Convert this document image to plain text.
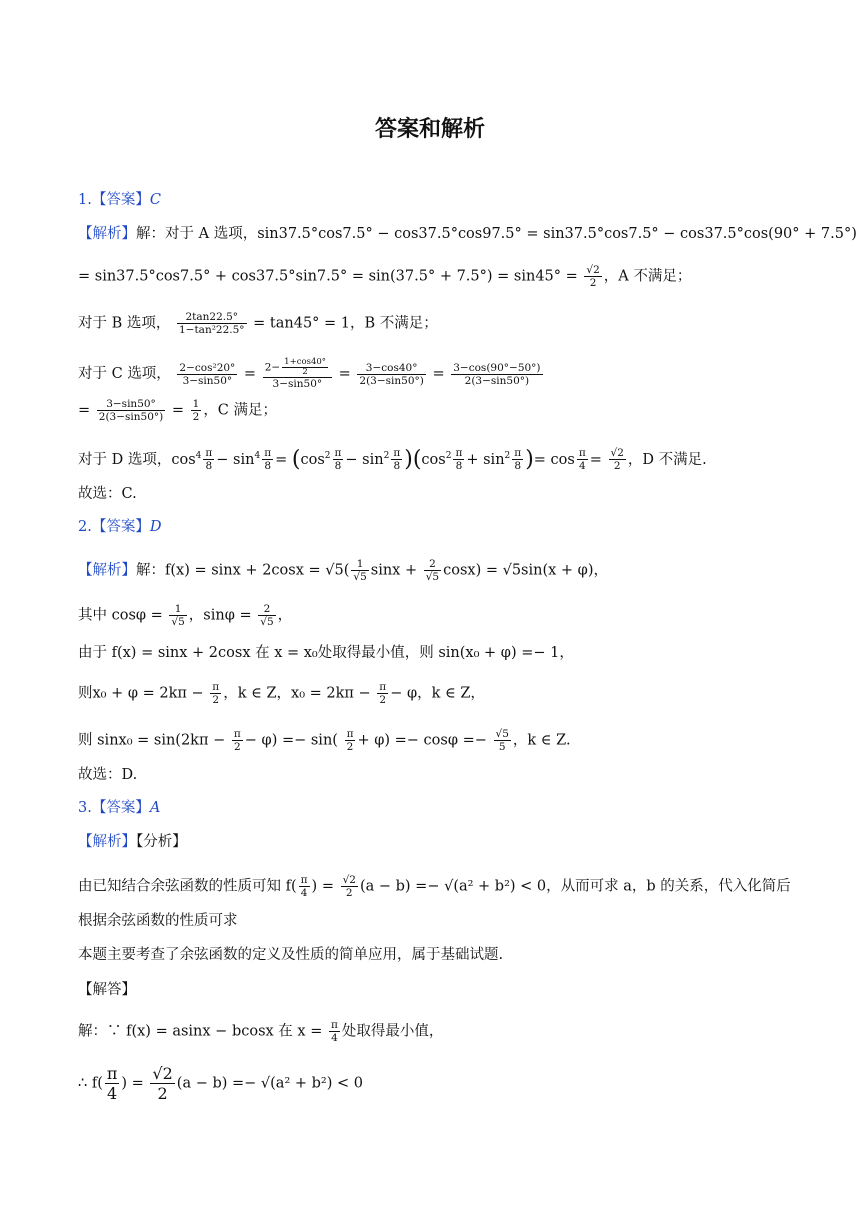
答案和解析
1.【答案】C
【解析】解：对于 A 选项，sin37.5°cos7.5° − cos37.5°cos97.5° = sin37.5°cos7.5° − cos37.5°cos(90° + 7.5°)
= $\sin 37.5^\circ\cos 7.5^\circ + \cos 37.5^\circ\sin 7.5^\circ = \sin(37.5^\circ + 7.5^\circ) = \sin 45^\circ = \frac{√2}{2}$ ，A 不满足；
对于 B 选项， $\frac{2\tan 22.5^\circ}{\text{1−tan²22.5°}} = \tan 45^\circ = 1$，B 不满足；
对于 C 选项， $\frac{\text{2−cos²20°}}{3-\sin 50^\circ} = \frac{2- \frac{1+\cos 40^\circ}{2}}{3-\sin 50^\circ} = \frac{3-\cos 40^\circ}{2(3-\sin 50^\circ)} = \frac{3-\cos(90^\circ-50^\circ)}{2(3-\sin 50^\circ)}$
= $\frac{3-\sin 50^\circ}{2(3-\sin 50^\circ)} = \frac{1}{2}$ ，C 满足；
对于 D 选项，$\cos^4 \frac{\pi}{8} - \sin^4 \frac{\pi}{8} = (\cos^2 \frac{\pi}{8} - \sin^2 \frac{\pi}{8} )(\cos^2 \frac{\pi}{8} + \sin^2 \frac{\pi}{8}$ )= $\cos \frac{\pi}{4} = \frac{√2}{2}$ ，D 不满足.
故选：C.
2.【答案】D
【解析】解：$f(x) = \sin x + 2\cos x = √5( \frac{1}{√5}$ $\sin x + \frac{2}{√5} \cos x) = √5\sin(x + \varphi)$，
其中 $\cos\varphi = \frac{1}{√5}$ ，$\sin\varphi = \frac{2}{√5}$ ，
由于 f(x) = sinx + 2cosx 在 x = x₀处取得最小值，则 sin(x₀ + φ) =− 1，
则$x_0 + \varphi = 2k\pi - \frac{\pi}{2}$ ，k ∈ Z，$x_0 = 2k\pi - \frac{\pi}{2} - \varphi$，k ∈ Z，
则 $\sin x_0 = \sin(2k\pi - \frac{\pi}{2} - \varphi) =- \sin( \frac{\pi}{2} + \varphi) =- \cos\varphi =- \frac{√5}{5}$ ，k ∈ Z.
故选：D.
3.【答案】A
【解析】【分析】
由已知结合余弦函数的性质可知 $f( \frac{\pi}{4}$ ) = $\frac{√2}{2} (a - b) =- √(a^2 + b^2) < 0$，从而可求 a，b 的关系，代入化简后
根据余弦函数的性质可求
本题主要考查了余弦函数的定义及性质的简单应用，属于基础试题.
【解答】
解：∵ f(x) = asinx − bcosx 在 $x = \frac{\pi}{4}$ 处取得最小值，
∴ $f( \frac{\pi}{4}$ ) = $\frac{√2}{2} (a - b) =- √(a^2 + b^2) < 0$
